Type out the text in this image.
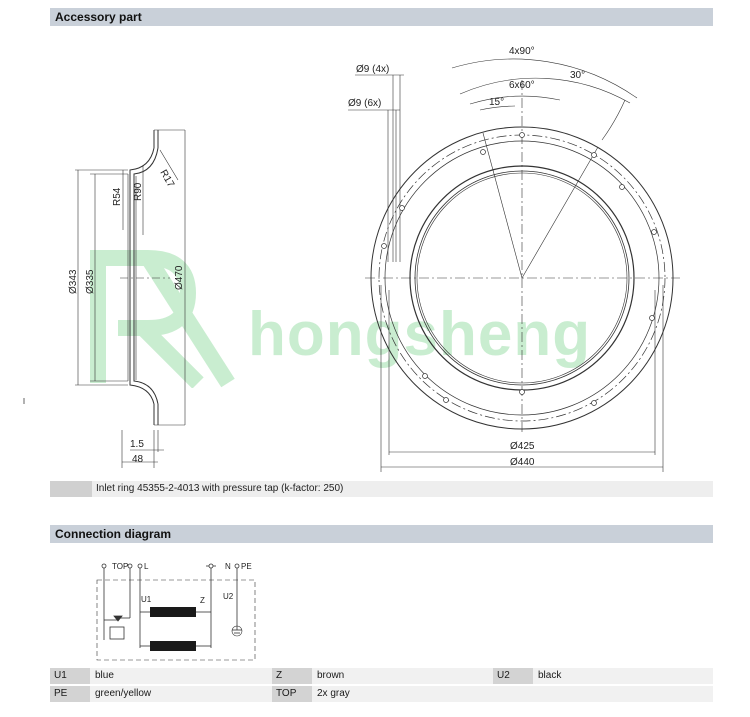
Accessory part
hongsheng
Ø343 Ø335
R54 R90
R17
Ø470
1.5
48
Ø9 (4x)
Ø9 (6x)
4x90°
30°
6x60°
15°
Ø425
Ø440
Inlet ring 45355-2-4013 with pressure tap (k-factor: 250)
Connection diagram
TOP L	N PE
U1	Z U2
U1	blue	Z	brown	U2	black
PE	green/yellow	TOP	2x gray
